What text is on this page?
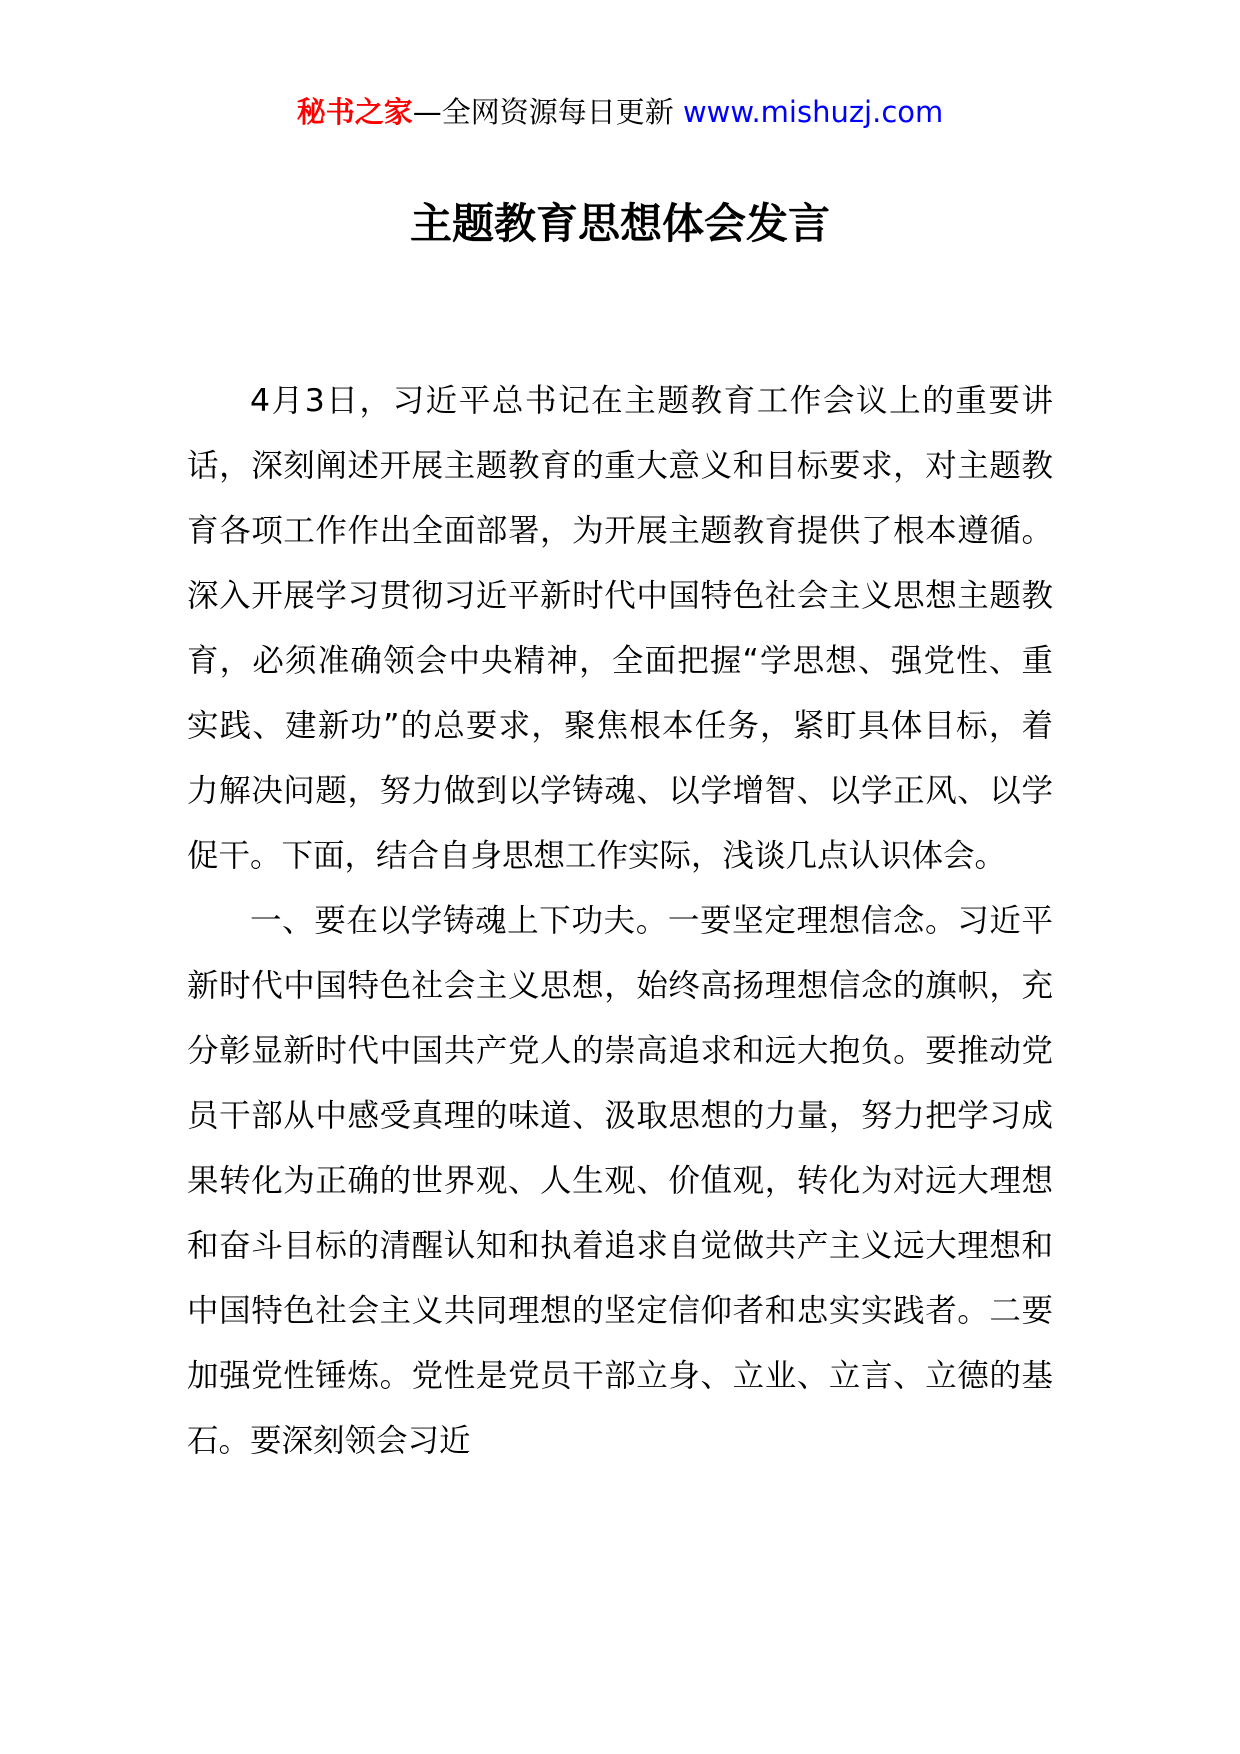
秘书之家—全网资源每日更新 www.mishuzj.com
主题教育思想体会发言

4月3日，习近平总书记在主题教育工作会议上的重要讲话，深刻阐述开展主题教育的重大意义和目标要求，对主题教育各项工作作出全面部署，为开展主题教育提供了根本遵循。深入开展学习贯彻习近平新时代中国特色社会主义思想主题教育，必须准确领会中央精神，全面把握“学思想、强党性、重实践、建新功”的总要求，聚焦根本任务，紧盯具体目标，着力解决问题，努力做到以学铸魂、以学增智、以学正风、以学促干。下面，结合自身思想工作实际，浅谈几点认识体会。

一、要在以学铸魂上下功夫。一要坚定理想信念。习近平新时代中国特色社会主义思想，始终高扬理想信念的旗帜，充分彰显新时代中国共产党人的崇高追求和远大抱负。要推动党员干部从中感受真理的味道、汲取思想的力量，努力把学习成果转化为正确的世界观、人生观、价值观，转化为对远大理想和奋斗目标的清醒认知和执着追求自觉做共产主义远大理想和中国特色社会主义共同理想的坚定信仰者和忠实实践者。二要加强党性锤炼。党性是党员干部立身、立业、立言、立德的基石。要深刻领会习近
